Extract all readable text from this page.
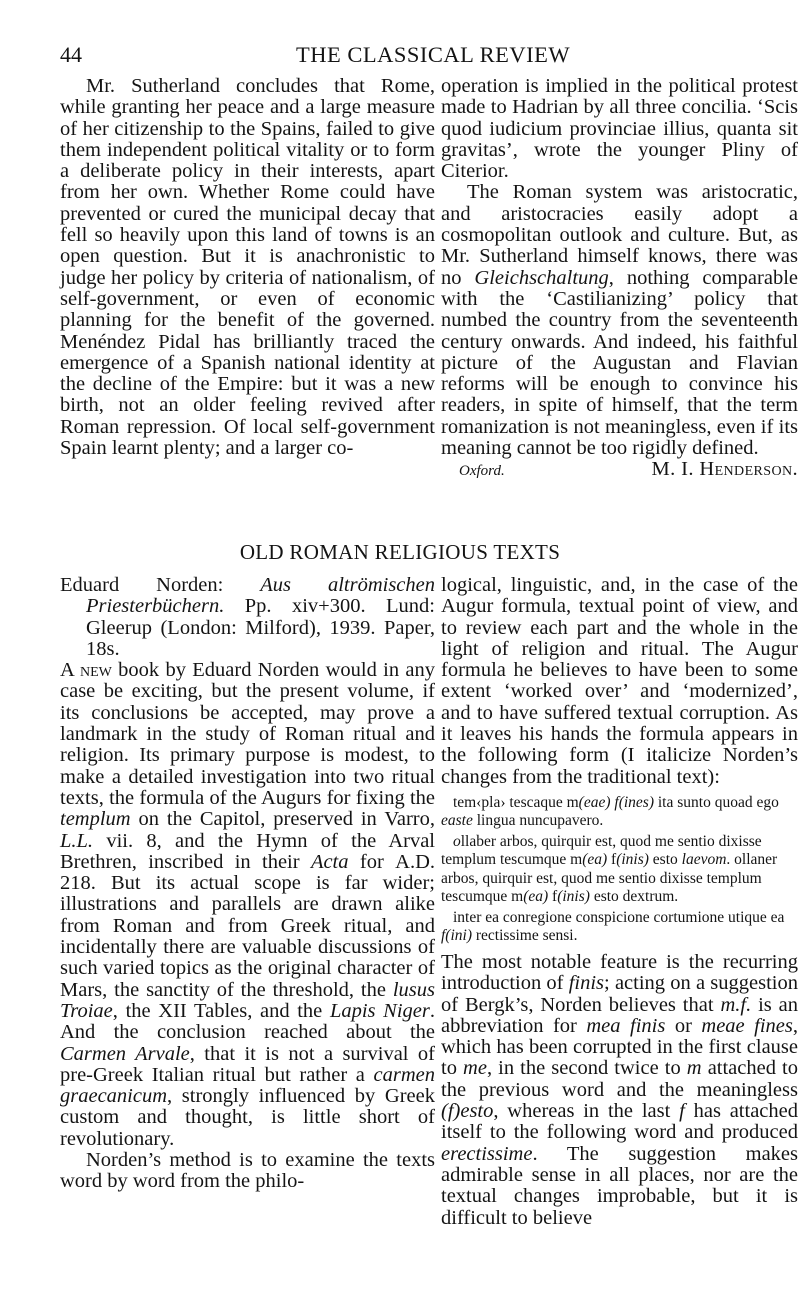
44	THE CLASSICAL REVIEW

Mr. Sutherland concludes that Rome, while granting her peace and a large measure of her citizenship to the Spains, failed to give them independent political vitality or to form a deliberate policy in their interests, apart from her own. Whether Rome could have prevented or cured the municipal decay that fell so heavily upon this land of towns is an open question. But it is anachronistic to judge her policy by criteria of nationalism, of self-government, or even of economic planning for the benefit of the governed. Menéndez Pidal has brilliantly traced the emergence of a Spanish national identity at the decline of the Empire: but it was a new birth, not an older feeling revived after Roman repression. Of local self-government Spain learnt plenty; and a larger co-

operation is implied in the political protest made to Hadrian by all three concilia. ‘Scis quod iudicium provinciae illius, quanta sit gravitas’, wrote the younger Pliny of Citerior.

The Roman system was aristocratic, and aristocracies easily adopt a cosmopolitan outlook and culture. But, as Mr. Sutherland himself knows, there was no Gleichschaltung, nothing comparable with the ‘Castilianizing’ policy that numbed the country from the seventeenth century onwards. And indeed, his faithful picture of the Augustan and Flavian reforms will be enough to convince his readers, in spite of himself, that the term romanization is not meaningless, even if its meaning cannot be too rigidly defined.
M. I. Henderson.

Oxford.
OLD ROMAN RELIGIOUS TEXTS

Eduard Norden: Aus altrömischen Priesterbüchern. Pp. xiv+300. Lund: Gleerup (London: Milford), 1939. Paper, 18s.

A new book by Eduard Norden would in any case be exciting, but the present volume, if its conclusions be accepted, may prove a landmark in the study of Roman ritual and religion. Its primary purpose is modest, to make a detailed investigation into two ritual texts, the formula of the Augurs for fixing the templum on the Capitol, preserved in Varro, L.L. vii. 8, and the Hymn of the Arval Brethren, inscribed in their Acta for A.D. 218. But its actual scope is far wider; illustrations and parallels are drawn alike from Roman and from Greek ritual, and incidentally there are valuable discussions of such varied topics as the original character of Mars, the sanctity of the threshold, the lusus Troiae, the XII Tables, and the Lapis Niger. And the conclusion reached about the Carmen Arvale, that it is not a survival of pre-Greek Italian ritual but rather a carmen graecanicum, strongly influenced by Greek custom and thought, is little short of revolutionary.

Norden’s method is to examine the texts word by word from the philo-

logical, linguistic, and, in the case of the Augur formula, textual point of view, and to review each part and the whole in the light of religion and ritual. The Augur formula he believes to have been to some extent ‘worked over’ and ‘modernized’, and to have suffered textual corruption. As it leaves his hands the formula appears in the following form (I italicize Norden’s changes from the traditional text):

tem‹pla› tescaque m(eae) f(ines) ita sunto quoad ego easte lingua nuncupavero.

ollaber arbos, quirquir est, quod me sentio dixisse templum tescumque m(ea) f(inis) esto laevom. ollaner arbos, quirquir est, quod me sentio dixisse templum tescumque m(ea) f(inis) esto dextrum.

inter ea conregione conspicione cortumione utique ea f(ini) rectissime sensi.

The most notable feature is the recurring introduction of finis; acting on a suggestion of Bergk’s, Norden believes that m.f. is an abbreviation for mea finis or meae fines, which has been corrupted in the first clause to me, in the second twice to m attached to the previous word and the meaningless (f)esto, whereas in the last f has attached itself to the following word and produced erectissime. The suggestion makes admirable sense in all places, nor are the textual changes improbable, but it is difficult to believe
